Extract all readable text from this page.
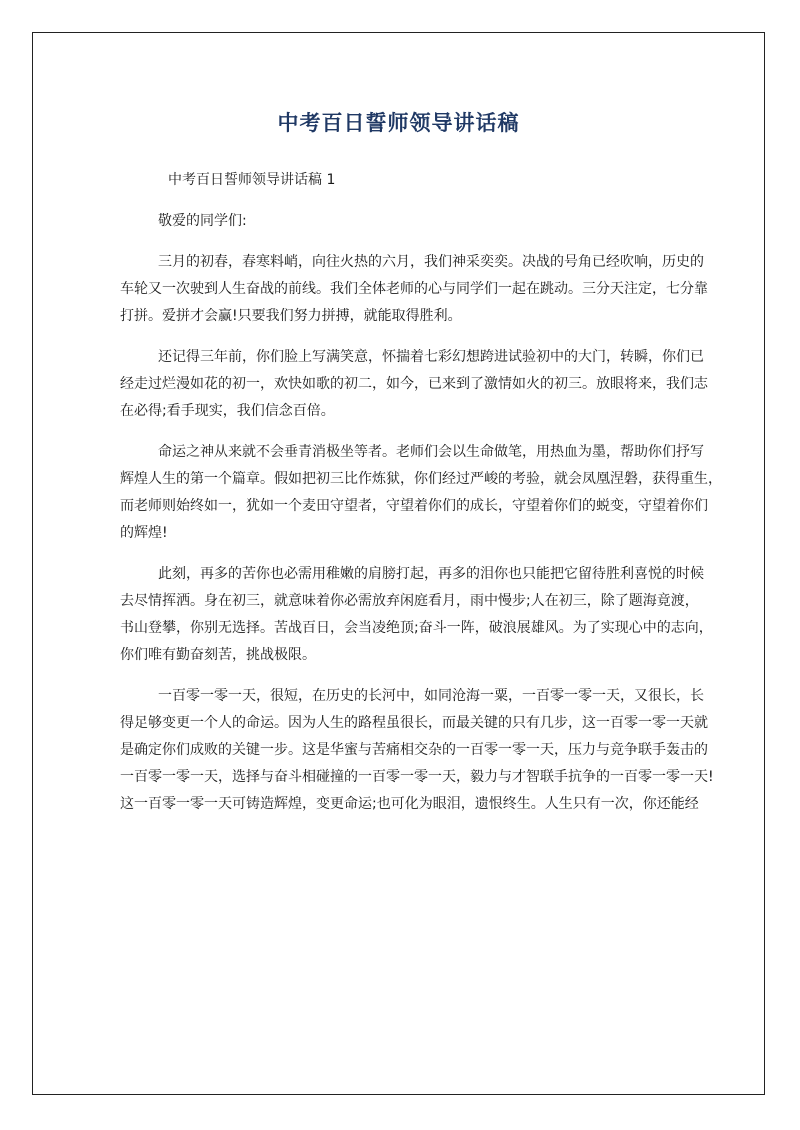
中考百日誓师领导讲话稿

中考百日誓师领导讲话稿 1

敬爱的同学们:

三月的初春，春寒料峭，向往火热的六月，我们神采奕奕。决战的号角已经吹响，历史的
车轮又一次驶到人生奋战的前线。我们全体老师的心与同学们一起在跳动。三分天注定，七分靠
打拼。爱拼才会赢!只要我们努力拼搏，就能取得胜利。

还记得三年前，你们脸上写满笑意，怀揣着七彩幻想跨进试验初中的大门，转瞬，你们已
经走过烂漫如花的初一，欢快如歌的初二，如今，已来到了激情如火的初三。放眼将来，我们志
在必得;看手现实，我们信念百倍。

命运之神从来就不会垂青消极坐等者。老师们会以生命做笔，用热血为墨，帮助你们抒写
辉煌人生的第一个篇章。假如把初三比作炼狱，你们经过严峻的考验，就会凤凰涅磐，获得重生，
而老师则始终如一，犹如一个麦田守望者，守望着你们的成长，守望着你们的蜕变，守望着你们
的辉煌!

此刻，再多的苦你也必需用稚嫩的肩膀打起，再多的泪你也只能把它留待胜利喜悦的时候
去尽情挥洒。身在初三，就意味着你必需放弃闲庭看月，雨中慢步;人在初三，除了题海竟渡，
书山登攀，你别无选择。苦战百日，会当凌绝顶;奋斗一阵，破浪展雄风。为了实现心中的志向，
你们唯有勤奋刻苦，挑战极限。

一百零一零一天，很短，在历史的长河中，如同沧海一粟，一百零一零一天，又很长，长
得足够变更一个人的命运。因为人生的路程虽很长，而最关键的只有几步，这一百零一零一天就
是确定你们成败的关键一步。这是华蜜与苦痛相交杂的一百零一零一天，压力与竞争联手轰击的
一百零一零一天，选择与奋斗相碰撞的一百零一零一天，毅力与才智联手抗争的一百零一零一天!
这一百零一零一天可铸造辉煌，变更命运;也可化为眼泪，遗恨终生。人生只有一次，你还能经
